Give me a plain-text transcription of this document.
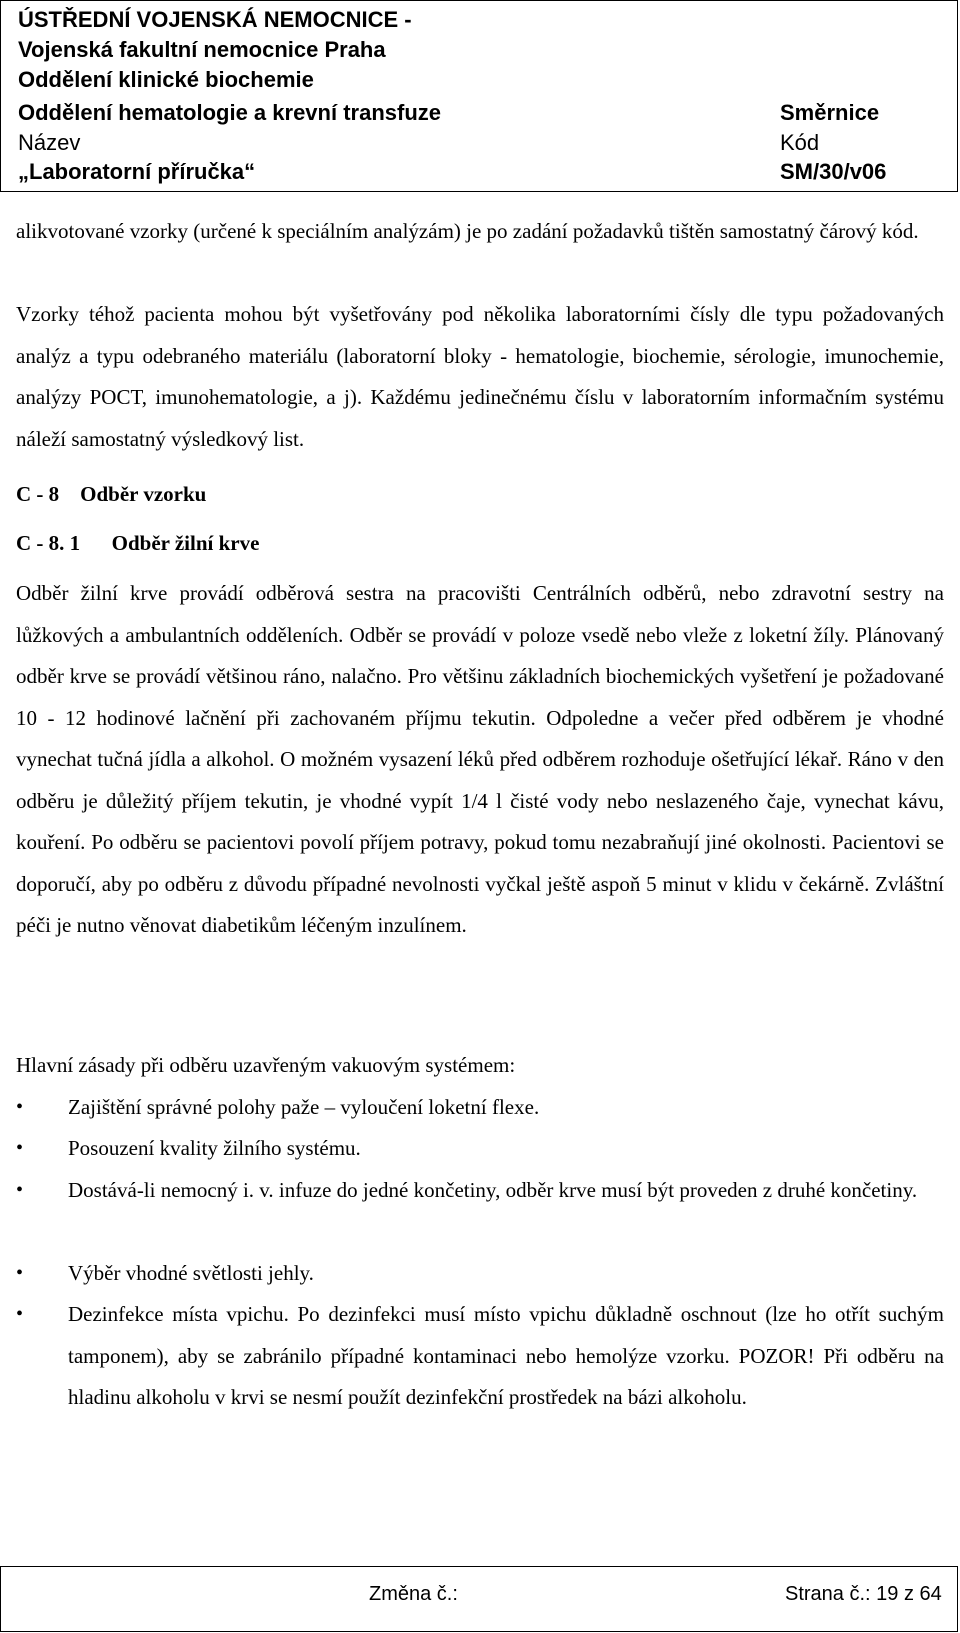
ÚSTŘEDNÍ VOJENSKÁ NEMOCNICE -
Vojenská fakultní nemocnice Praha
Oddělení klinické biochemie
Oddělení hematologie a krevní transfuze
Název
„Laboratorní příručka“
Směrnice
Kód
SM/30/v06

alikvotované vzorky (určené k speciálním analýzám) je po zadání požadavků tištěn samostatný čárový kód.

Vzorky téhož pacienta mohou být vyšetřovány pod několika laboratorními čísly dle typu požadovaných analýz a typu odebraného materiálu (laboratorní bloky - hematologie, biochemie, sérologie, imunochemie, analýzy POCT, imunohematologie, a j). Každému jedinečnému číslu v laboratorním informačním systému náleží samostatný výsledkový list.

C - 8    Odběr vzorku
C - 8. 1      Odběr žilní krve

Odběr žilní krve provádí odběrová sestra na pracovišti Centrálních odběrů, nebo zdravotní sestry na lůžkových a ambulantních odděleních. Odběr se provádí v poloze vsedě nebo vleže z loketní žíly. Plánovaný odběr krve se provádí většinou ráno, nalačno. Pro většinu základních biochemických vyšetření je požadované 10 - 12 hodinové lačnění při zachovaném příjmu tekutin. Odpoledne a večer před odběrem je vhodné vynechat tučná jídla a alkohol. O možném vysazení léků před odběrem rozhoduje ošetřující lékař. Ráno v den odběru je důležitý příjem tekutin, je vhodné vypít 1/4 l čisté vody nebo neslazeného čaje, vynechat kávu, kouření. Po odběru se pacientovi povolí příjem potravy, pokud tomu nezabraňují jiné okolnosti. Pacientovi se doporučí, aby po odběru z důvodu případné nevolnosti vyčkal ještě aspoň 5 minut v klidu v čekárně. Zvláštní péči je nutno věnovat diabetikům léčeným inzulínem.

Hlavní zásady při odběru uzavřeným vakuovým systémem:

•	Zajištění správné polohy paže – vyloučení loketní flexe.
•	Posouzení kvality žilního systému.
•	Dostává-li nemocný i. v. infuze do jedné končetiny, odběr krve musí být proveden z druhé končetiny.
•	Výběr vhodné světlosti jehly.
•	Dezinfekce místa vpichu. Po dezinfekci musí místo vpichu důkladně oschnout (lze ho otřít suchým tamponem), aby se zabránilo případné kontaminaci nebo hemolýze vzorku. POZOR! Při odběru na hladinu alkoholu v krvi se nesmí použít dezinfekční prostředek na bázi alkoholu.
Změna č.:	Strana č.: 19 z 64
